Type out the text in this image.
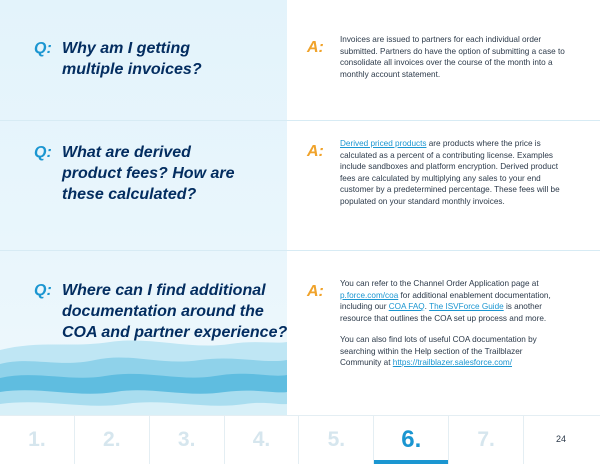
Q: Why am I getting
multiple invoices?

A:	Invoices are issued to partners for each individual order submitted. Partners do have the option of submitting a case to consolidate all invoices over the course of the month into a monthly account statement.

Q: What are derived
product fees? How are
these calculated?

A:	Derived priced products are products where the price is calculated as a percent of a contributing license. Examples include sandboxes and platform encryption. Derived product fees are calculated by multiplying any sales to your end customer by a predetermined percentage. These fees will be populated on your standard monthly invoices.

Q: Where can I find additional
documentation around the
COA and partner experience?

A:	You can refer to the Channel Order Application page at p.force.com/coa for additional enablement documentation, including our COA FAQ. The ISVForce Guide is another resource that outlines the COA set up process and more.

You can also find lots of useful COA documentation by searching within the Help section of the Trailblazer Community at https://trailblazer.salesforce.com/

1.	2.	3.	4.	5.	6.	7.	24
